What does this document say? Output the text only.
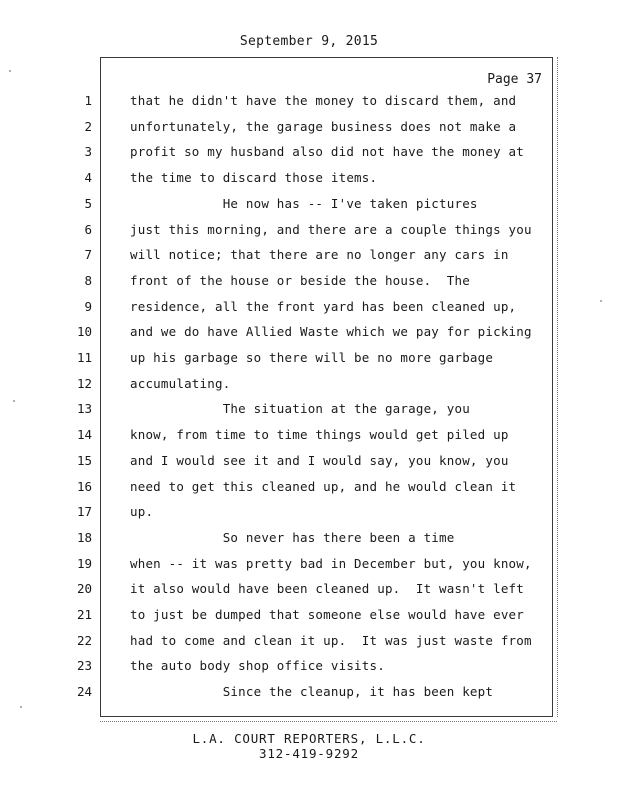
September 9, 2015
Page 37
1	that he didn't have the money to discard them, and
2	unfortunately, the garage business does not make a
3	profit so my husband also did not have the money at
4	the time to discard those items.
5	He now has -- I've taken pictures
6	just this morning, and there are a couple things you
7	will notice; that there are no longer any cars in
8	front of the house or beside the house.  The
9	residence, all the front yard has been cleaned up,
10	and we do have Allied Waste which we pay for picking
11	up his garbage so there will be no more garbage
12	accumulating.
13	The situation at the garage, you
14	know, from time to time things would get piled up
15	and I would see it and I would say, you know, you
16	need to get this cleaned up, and he would clean it
17	up.
18	So never has there been a time
19	when -- it was pretty bad in December but, you know,
20	it also would have been cleaned up.  It wasn't left
21	to just be dumped that someone else would have ever
22	had to come and clean it up.  It was just waste from
23	the auto body shop office visits.
24	Since the cleanup, it has been kept
L.A. COURT REPORTERS, L.L.C.
312-419-9292
